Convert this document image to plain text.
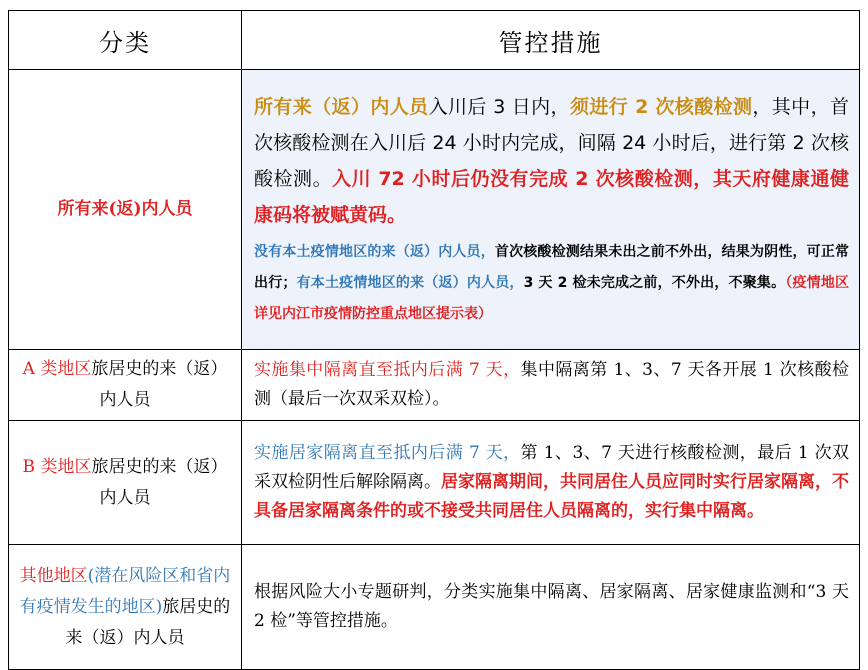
分类	管控措施
所有来(返)内人员	所有来（返）内人员入川后 3 日内，须进行 2 次核酸检测，其中，首次核酸检测在入川后 24 小时内完成，间隔 24 小时后，进行第 2 次核酸检测。入川 72 小时后仍没有完成 2 次核酸检测，其天府健康通健康码将被赋黄码。
没有本土疫情地区的来（返）内人员，首次核酸检测结果未出之前不外出，结果为阴性，可正常出行；有本土疫情地区的来（返）内人员，3 天 2 检未完成之前，不外出，不聚集。（疫情地区详见内江市疫情防控重点地区提示表）

A 类地区旅居史的来（返）内人员	实施集中隔离直至抵内后满 7 天，集中隔离第 1、3、7 天各开展 1 次核酸检测（最后一次双采双检）。
B 类地区旅居史的来（返）内人员	实施居家隔离直至抵内后满 7 天，第 1、3、7 天进行核酸检测，最后 1 次双采双检阴性后解除隔离。居家隔离期间，共同居住人员应同时实行居家隔离，不具备居家隔离条件的或不接受共同居住人员隔离的，实行集中隔离。
其他地区(潜在风险区和省内有疫情发生的地区)旅居史的来（返）内人员	根据风险大小专题研判，分类实施集中隔离、居家隔离、居家健康监测和“3 天 2 检”等管控措施。
